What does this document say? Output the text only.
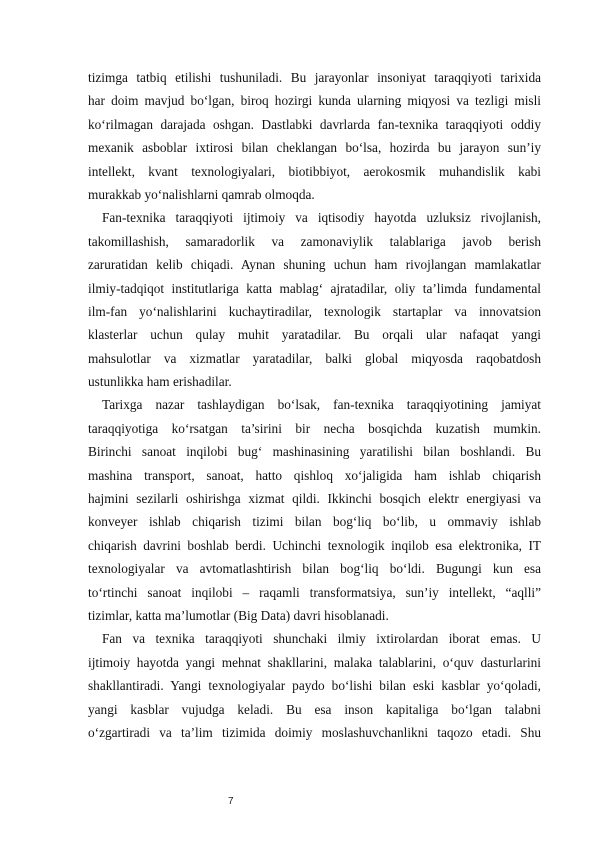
tizimga tatbiq etilishi tushuniladi. Bu jarayonlar insoniyat taraqqiyoti tarixida
har doim mavjud bo‘lgan, biroq hozirgi kunda ularning miqyosi va tezligi misli
ko‘rilmagan darajada oshgan. Dastlabki davrlarda fan-texnika taraqqiyoti oddiy
mexanik asboblar ixtirosi bilan cheklangan bo‘lsa, hozirda bu jarayon sun’iy
intellekt, kvant texnologiyalari, biotibbiyot, aerokosmik muhandislik kabi
murakkab yo‘nalishlarni qamrab olmoqda.
Fan-texnika taraqqiyoti ijtimoiy va iqtisodiy hayotda uzluksiz rivojlanish,
takomillashish, samaradorlik va zamonaviylik talablariga javob berish
zaruratidan kelib chiqadi. Aynan shuning uchun ham rivojlangan mamlakatlar
ilmiy-tadqiqot institutlariga katta mablag‘ ajratadilar, oliy ta’limda fundamental
ilm-fan yo‘nalishlarini kuchaytiradilar, texnologik startaplar va innovatsion
klasterlar uchun qulay muhit yaratadilar. Bu orqali ular nafaqat yangi
mahsulotlar va xizmatlar yaratadilar, balki global miqyosda raqobatdosh
ustunlikka ham erishadilar.
Tarixga nazar tashlaydigan bo‘lsak, fan-texnika taraqqiyotining jamiyat
taraqqiyotiga ko‘rsatgan ta’sirini bir necha bosqichda kuzatish mumkin.
Birinchi sanoat inqilobi bug‘ mashinasining yaratilishi bilan boshlandi. Bu
mashina transport, sanoat, hatto qishloq xo‘jaligida ham ishlab chiqarish
hajmini sezilarli oshirishga xizmat qildi. Ikkinchi bosqich elektr energiyasi va
konveyer ishlab chiqarish tizimi bilan bog‘liq bo‘lib, u ommaviy ishlab
chiqarish davrini boshlab berdi. Uchinchi texnologik inqilob esa elektronika, IT
texnologiyalar va avtomatlashtirish bilan bog‘liq bo‘ldi. Bugungi kun esa
to‘rtinchi sanoat inqilobi – raqamli transformatsiya, sun’iy intellekt, “aqlli”
tizimlar, katta ma’lumotlar (Big Data) davri hisoblanadi.
Fan va texnika taraqqiyoti shunchaki ilmiy ixtirolardan iborat emas. U
ijtimoiy hayotda yangi mehnat shakllarini, malaka talablarini, o‘quv dasturlarini
shakllantiradi. Yangi texnologiyalar paydo bo‘lishi bilan eski kasblar yo‘qoladi,
yangi kasblar vujudga keladi. Bu esa inson kapitaliga bo‘lgan talabni
o‘zgartiradi va ta’lim tizimida doimiy moslashuvchanlikni taqozo etadi. Shu
7
